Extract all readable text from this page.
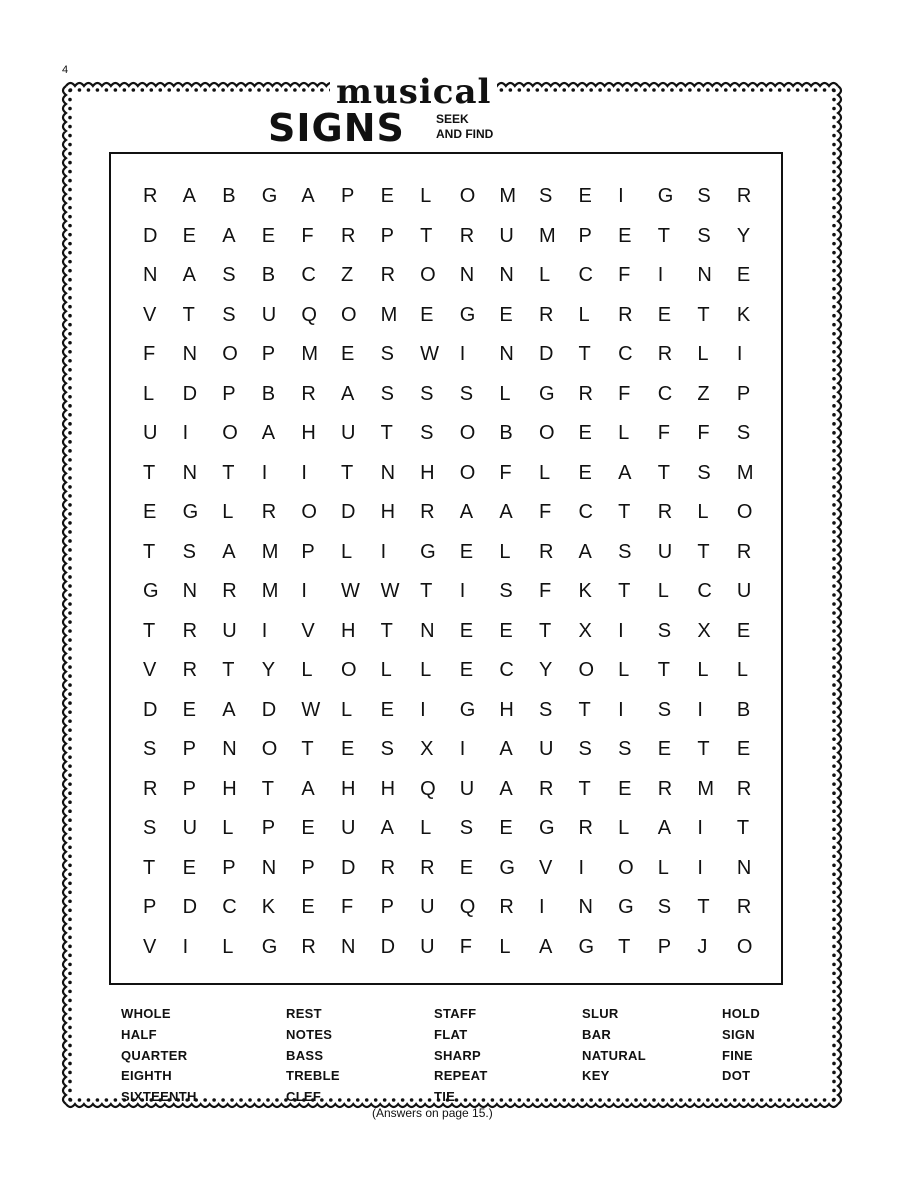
4
musical
SIGNS	SEEK
AND FIND
R	A	B	G	A	P	E	L	O	M	S	E	I	G	S	R
D	E	A	E	F	R	P	T	R	U	M	P	E	T	S	Y
N	A	S	B	C	Z	R	O	N	N	L	C	F	I	N	E
V	T	S	U	Q	O	M	E	G	E	R	L	R	E	T	K
F	N	O	P	M	E	S	W	I	N	D	T	C	R	L	I
L	D	P	B	R	A	S	S	S	L	G	R	F	C	Z	P
U	I	O	A	H	U	T	S	O	B	O	E	L	F	F	S
T	N	T	I	I	T	N	H	O	F	L	E	A	T	S	M
E	G	L	R	O	D	H	R	A	A	F	C	T	R	L	O
T	S	A	M	P	L	I	G	E	L	R	A	S	U	T	R
G	N	R	M	I	W	W	T	I	S	F	K	T	L	C	U
T	R	U	I	V	H	T	N	E	E	T	X	I	S	X	E
V	R	T	Y	L	O	L	L	E	C	Y	O	L	T	L	L
D	E	A	D	W	L	E	I	G	H	S	T	I	S	I	B
S	P	N	O	T	E	S	X	I	A	U	S	S	E	T	E
R	P	H	T	A	H	H	Q	U	A	R	T	E	R	M	R
S	U	L	P	E	U	A	L	S	E	G	R	L	A	I	T
T	E	P	N	P	D	R	R	E	G	V	I	O	L	I	N
P	D	C	K	E	F	P	U	Q	R	I	N	G	S	T	R
V	I	L	G	R	N	D	U	F	L	A	G	T	P	J	O
WHOLE
HALF
QUARTER
EIGHTH
SIXTEENTH
REST
NOTES
BASS
TREBLE
CLEF
STAFF
FLAT
SHARP
REPEAT
TIE
SLUR
BAR
NATURAL
KEY
HOLD
SIGN
FINE
DOT
(Answers on page 15.)
